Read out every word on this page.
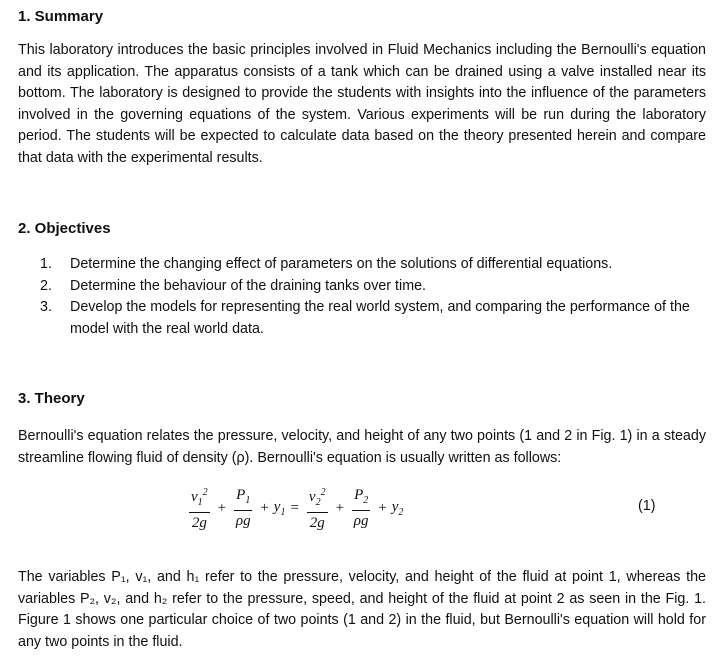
1. Summary

This laboratory introduces the basic principles involved in Fluid Mechanics including the Bernoulli's equation and its application. The apparatus consists of a tank which can be drained using a valve installed near its bottom. The laboratory is designed to provide the students with insights into the influence of the parameters involved in the governing equations of the system. Various experiments will be run during the laboratory period. The students will be expected to calculate data based on the theory presented herein and compare that data with the experimental results.

2. Objectives
1. Determine the changing effect of parameters on the solutions of differential equations.
2. Determine the behaviour of the draining tanks over time.
3. Develop the models for representing the real world system, and comparing the performance of the model with the real world data.
3. Theory

Bernoulli's equation relates the pressure, velocity, and height of any two points (1 and 2 in Fig. 1) in a steady streamline flowing fluid of density (ρ). Bernoulli's equation is usually written as follows:

$\frac{v_1^2}{2g} + \frac{P_1}{\rho g} + y_1 = \frac{v_2^2}{2g} + \frac{P_2}{\rho g} + y_2$	(1)

The variables P₁, v₁, and h₁ refer to the pressure, velocity, and height of the fluid at point 1, whereas the variables P₂, v₂, and h₂ refer to the pressure, speed, and height of the fluid at point 2 as seen in the Fig. 1. Figure 1 shows one particular choice of two points (1 and 2) in the fluid, but Bernoulli's equation will hold for any two points in the fluid.
